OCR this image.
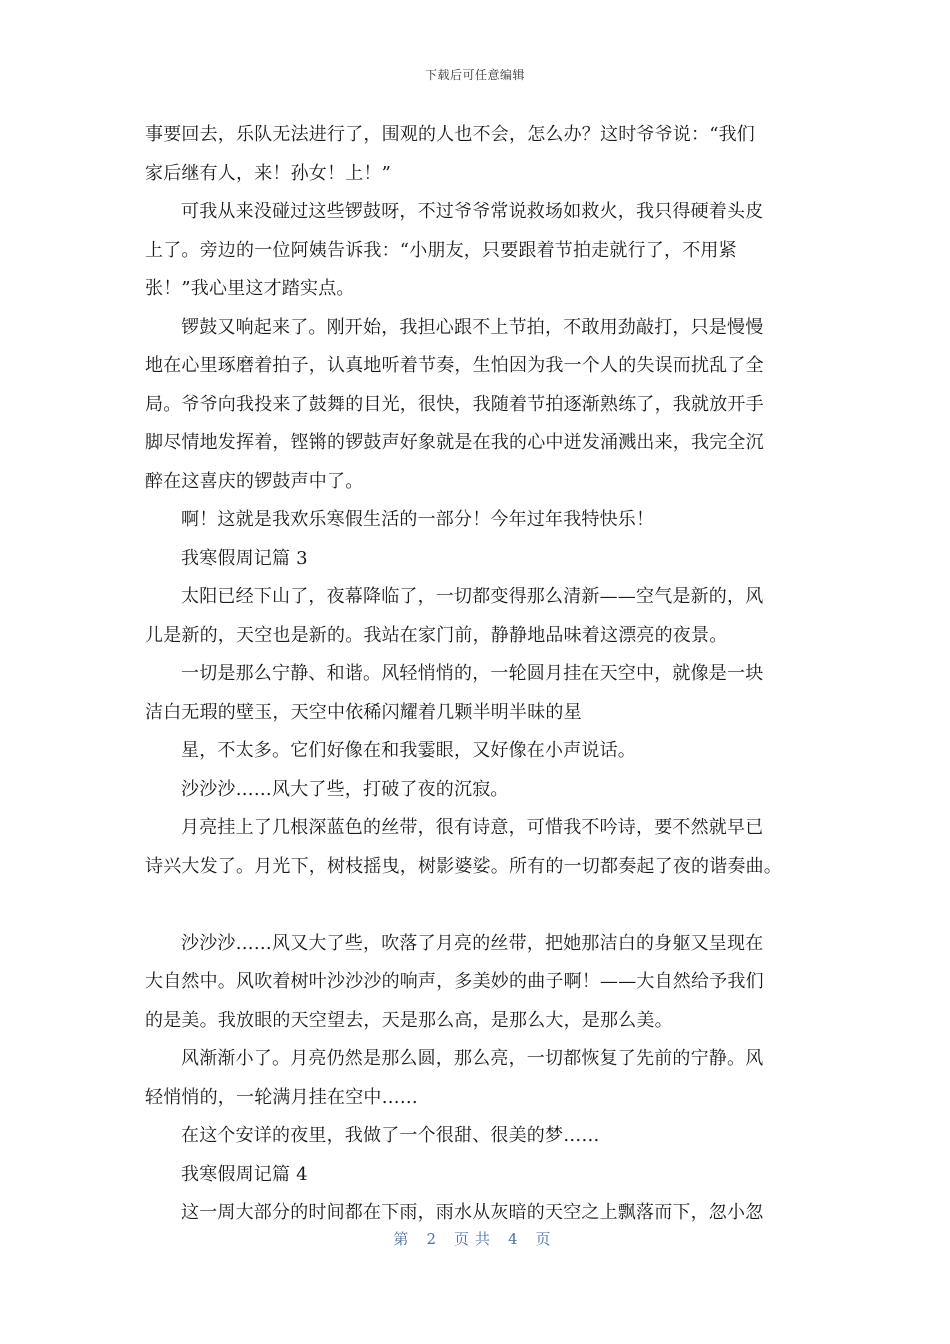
下载后可任意编辑
事要回去，乐队无法进行了，围观的人也不会，怎么办？这时爷爷说：“我们
家后继有人，来！孙女！上！”
可我从来没碰过这些锣鼓呀，不过爷爷常说救场如救火，我只得硬着头皮
上了。旁边的一位阿姨告诉我：“小朋友，只要跟着节拍走就行了，不用紧
张！”我心里这才踏实点。
锣鼓又响起来了。刚开始，我担心跟不上节拍，不敢用劲敲打，只是慢慢
地在心里琢磨着拍子，认真地听着节奏，生怕因为我一个人的失误而扰乱了全
局。爷爷向我投来了鼓舞的目光，很快，我随着节拍逐渐熟练了，我就放开手
脚尽情地发挥着，铿锵的锣鼓声好象就是在我的心中迸发涌溅出来，我完全沉
醉在这喜庆的锣鼓声中了。
啊！这就是我欢乐寒假生活的一部分！今年过年我特快乐！
我寒假周记篇 3
太阳已经下山了，夜幕降临了，一切都变得那么清新——空气是新的，风
儿是新的，天空也是新的。我站在家门前，静静地品味着这漂亮的夜景。
一切是那么宁静、和谐。风轻悄悄的，一轮圆月挂在天空中，就像是一块
洁白无瑕的壁玉，天空中依稀闪耀着几颗半明半昧的星
星，不太多。它们好像在和我霎眼，又好像在小声说话。
沙沙沙……风大了些，打破了夜的沉寂。
月亮挂上了几根深蓝色的丝带，很有诗意，可惜我不吟诗，要不然就早已
诗兴大发了。月光下，树枝摇曳，树影婆娑。所有的一切都奏起了夜的谐奏曲。
沙沙沙……风又大了些，吹落了月亮的丝带，把她那洁白的身躯又呈现在
大自然中。风吹着树叶沙沙沙的响声，多美妙的曲子啊！——大自然给予我们
的是美。我放眼的天空望去，天是那么高，是那么大，是那么美。
风渐渐小了。月亮仍然是那么圆，那么亮，一切都恢复了先前的宁静。风
轻悄悄的，一轮满月挂在空中……
在这个安详的夜里，我做了一个很甜、很美的梦……
我寒假周记篇 4
这一周大部分的时间都在下雨，雨水从灰暗的天空之上飘落而下，忽小忽
第 2 页共 4 页
